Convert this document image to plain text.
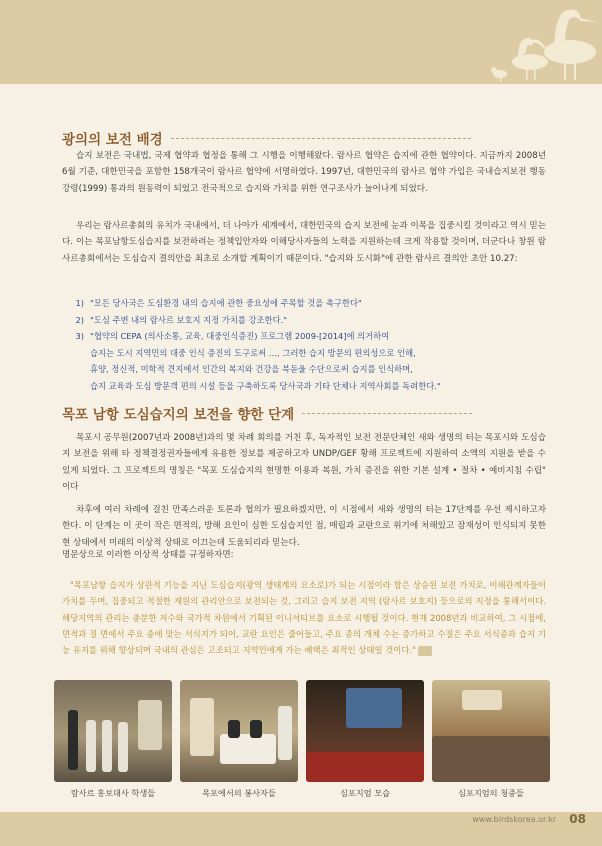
광의의 보전 배경
습지 보전은 국내법, 국제 협약과 협정을 통해 그 시행을 이행해왔다. 람사르 협약은 습지에 관한 협약이다. 지금까지 2008년 6월 기준, 대한민국을 포함한 158개국이 람사르 협약에 서명하였다. 1997년, 대한민국의 람사르 협약 가입은 국내습지보전 행동강령(1999) 통과의 원동력이 되었고 전국적으로 습지와 가치를 위한 연구조사가 늘어나게 되었다.
우리는 람사르총회의 유치가 국내에서, 더 나아가 세계에서, 대한민국의 습지 보전에 눈과 이목을 집중시킬 것이라고 역시 믿는다. 이는 목포남항도심습지를 보전하려는 정책입안자와 이해당사자들의 노력을 지원하는데 크게 작용할 것이며, 더군다나 창원 람사르총회에서는 도심습지 결의안을 최초로 소개할 계획이기 때문이다. "습지와 도시화"에 관한 람사르 결의안 초안 10.27:
1) "모든 당사국은 도심환경 내의 습지에 관한 중요성에 주목할 것을 촉구한다"
2) "도심 주변 내의 람사르 보호지 지정 가치를 강조한다."
3) "협약의 CEPA (의사소통, 교육, 대중인식증진) 프로그램 2009-[2014]에 의거하여
습지는 도시 지역민의 대중 인식 증진의 도구로써 …, 그러한 습지 방문의 편의성으로 인해,
휴양, 정신적, 미학적 견지에서 인간의 복지와 건강을 북돋울 수단으로써 습지를 인식하며,
습지 교육과 도심 방문객 편의 시설 등을 구축하도록 당사국과 기타 단체나 지역사회를 독려한다."
목포 남항 도심습지의 보전을 향한 단계
목포시 공무원(2007년과 2008년)과의 몇 차례 회의를 거친 후, 독자적인 보전 전문단체인 새와 생명의 터는 목포시와 도심습지 보전을 위해 타 정책결정권자들에게 유용한 정보를 제공하고자 UNDP/GEF 황해 프로젝트에 지원하여 소액의 지원을 받을 수 있게 되었다. 그 프로젝트의 명칭은 "목포 도심습지의 현명한 이용과 복원, 가치 증진을 위한 기본 설계 • 절차 • 예비지침 수립" 이다
차후에 여러 차례에 걸친 만족스러운 토론과 협의가 필요하겠지만, 이 시점에서 새와 생명의 터는 17단계를 우선 제시하고자 한다. 이 단계는 이 곳이 작은 면적의, 방해 요인이 심한 도심습지인 점, 매립과 교란으로 위기에 처해있고 잠재성이 인식되지 못한 현 상태에서 미래의 이상적 상태로 이끄는데 도움되리라 믿는다.
명문상으로 이러한 이상적 상태를 규정하자면:
"목포남항 습지가 상관적 기능을 지닌 도심습지(광역 생태계의 요소로)가 되는 시점이라 함은 상승된 보전 가치로, 이해관계자들이 가치를 두며, 집중되고 적절한 재원의 관리안으로 보전되는 것, 그리고 습지 보전 지역 (람사르 보호지) 등으로의 지정을 통해서이다. 해당지역의 관리는 충분한 저수와 국가적 차원에서 기획된 이니셔티브를 요소로 시행될 것이다. 현재 2008년과 비교하여, 그 시점에, 면적과 질 면에서 주요 종에 맞는 서식지가 되어, 교란 요인은 줄어들고, 주요 종의 개체 수는 증가하고 수질은 주요 서식종과 습지 기능 유지를 위해 향상되며 국내의 관심은 고조되고 지역민에게 가는 혜택은 최적인 상태일 것이다."
람사르 홍보대사 학생들	목포에서의 봉사자들	심포지엄 모습	심포지엄의 청중들
www.birdskorea.or.kr 08
